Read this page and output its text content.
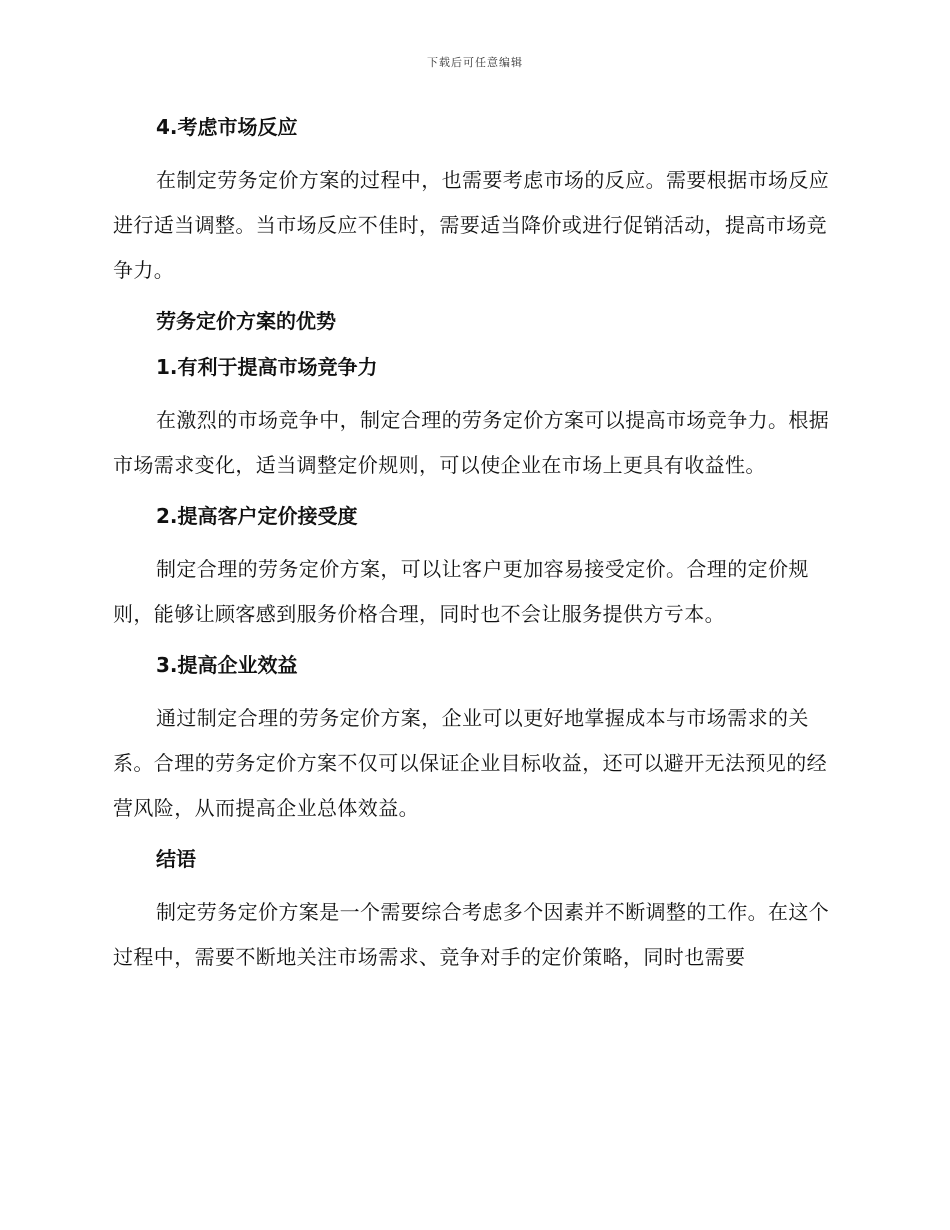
下载后可任意编辑
4.考虑市场反应

在制定劳务定价方案的过程中，也需要考虑市场的反应。需要根据市场反应进行适当调整。当市场反应不佳时，需要适当降价或进行促销活动，提高市场竞争力。

劳务定价方案的优势
1.有利于提高市场竞争力

在激烈的市场竞争中，制定合理的劳务定价方案可以提高市场竞争力。根据市场需求变化，适当调整定价规则，可以使企业在市场上更具有收益性。

2.提高客户定价接受度

制定合理的劳务定价方案，可以让客户更加容易接受定价。合理的定价规则，能够让顾客感到服务价格合理，同时也不会让服务提供方亏本。

3.提高企业效益

通过制定合理的劳务定价方案，企业可以更好地掌握成本与市场需求的关系。合理的劳务定价方案不仅可以保证企业目标收益，还可以避开无法预见的经营风险，从而提高企业总体效益。

结语

制定劳务定价方案是一个需要综合考虑多个因素并不断调整的工作。在这个过程中，需要不断地关注市场需求、竞争对手的定价策略，同时也需要
